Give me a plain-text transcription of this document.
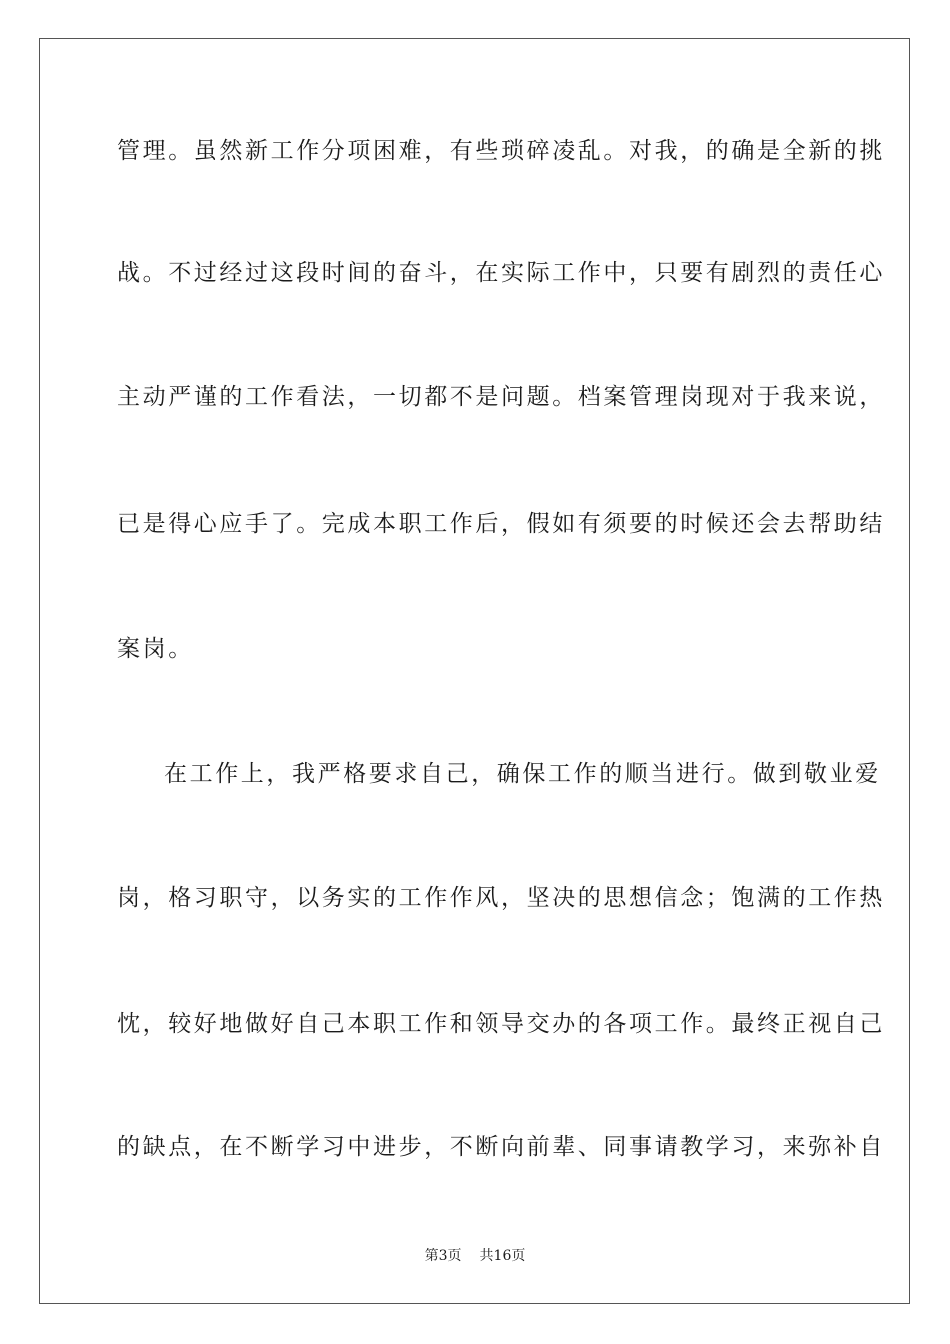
管理。虽然新工作分项困难，有些琐碎凌乱。对我，的确是全新的挑
战。不过经过这段时间的奋斗，在实际工作中，只要有剧烈的责任心
主动严谨的工作看法，一切都不是问题。档案管理岗现对于我来说，
已是得心应手了。完成本职工作后，假如有须要的时候还会去帮助结
案岗。
在工作上，我严格要求自己，确保工作的顺当进行。做到敬业爱
岗，格习职守，以务实的工作作风，坚决的思想信念；饱满的工作热
忱，较好地做好自己本职工作和领导交办的各项工作。最终正视自己
的缺点，在不断学习中进步，不断向前辈、同事请教学习，来弥补自
第3页 共16页
